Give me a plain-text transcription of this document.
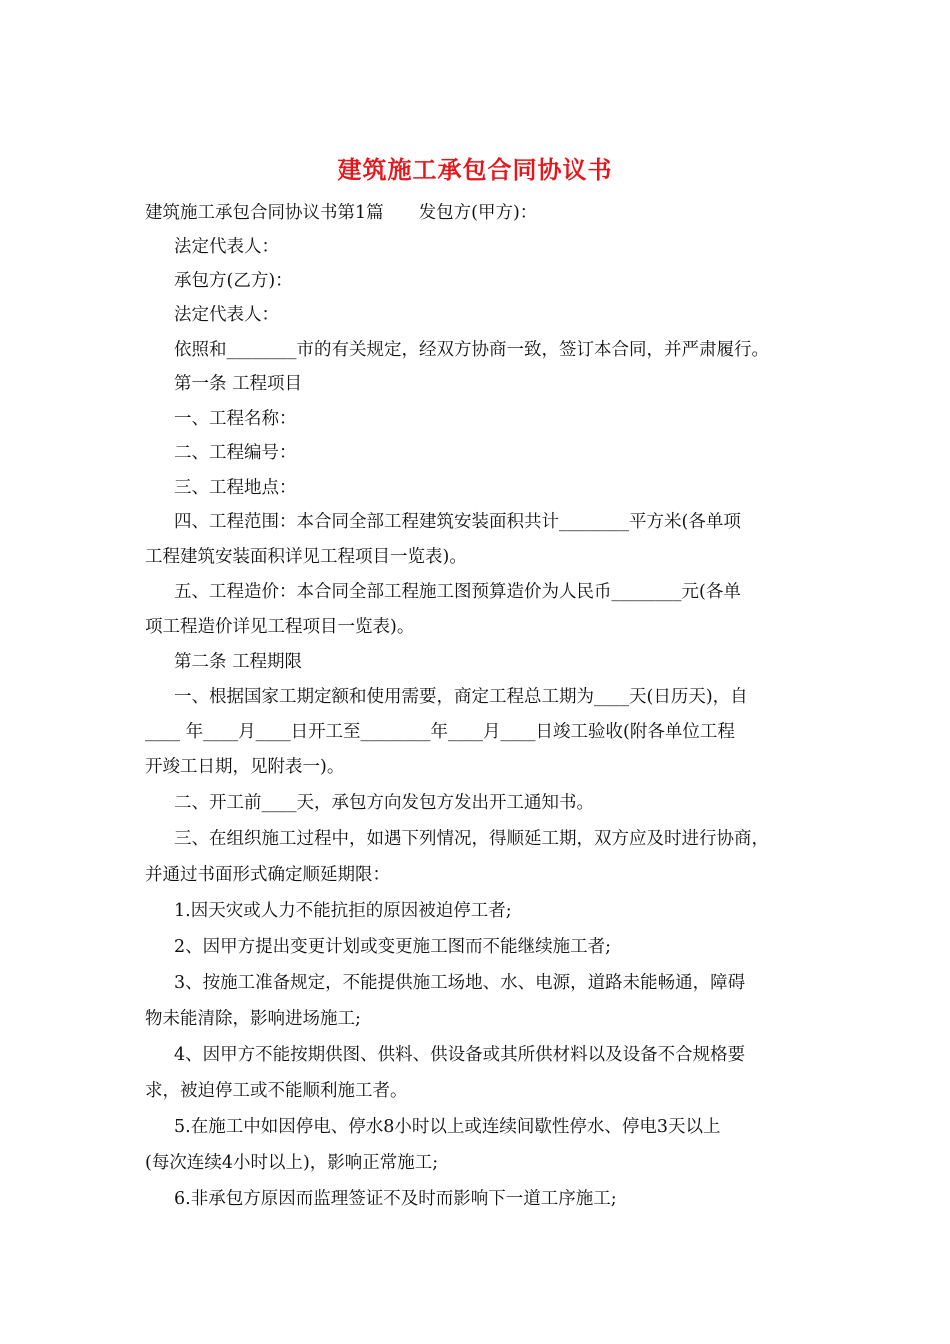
建筑施工承包合同协议书
建筑施工承包合同协议书第1篇　　发包方(甲方)：
法定代表人：
承包方(乙方)：
法定代表人：
依照和________市的有关规定，经双方协商一致，签订本合同，并严肃履行。
第一条 工程项目
一、工程名称：
二、工程编号：
三、工程地点：
四、工程范围：本合同全部工程建筑安装面积共计________平方米(各单项
工程建筑安装面积详见工程项目一览表)。
五、工程造价：本合同全部工程施工图预算造价为人民币________元(各单
项工程造价详见工程项目一览表)。
第二条 工程期限
一、根据国家工期定额和使用需要，商定工程总工期为____天(日历天)，自
____ 年____月____日开工至________年____月____日竣工验收(附各单位工程
开竣工日期，见附表一)。
二、开工前____天，承包方向发包方发出开工通知书。
三、在组织施工过程中，如遇下列情况，得顺延工期，双方应及时进行协商，
并通过书面形式确定顺延期限：
1.因天灾或人力不能抗拒的原因被迫停工者;
2、因甲方提出变更计划或变更施工图而不能继续施工者;
3、按施工准备规定，不能提供施工场地、水、电源，道路未能畅通，障碍
物未能清除，影响进场施工;
4、因甲方不能按期供图、供料、供设备或其所供材料以及设备不合规格要
求，被迫停工或不能顺利施工者。
5.在施工中如因停电、停水8小时以上或连续间歇性停水、停电3天以上
(每次连续4小时以上)，影响正常施工;
6.非承包方原因而监理签证不及时而影响下一道工序施工;
